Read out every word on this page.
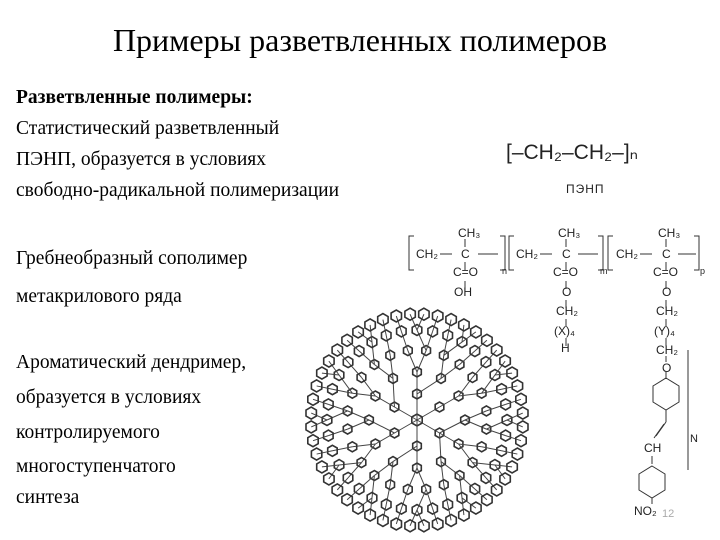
Примеры разветвленных полимеров
Разветвленные полимеры:
Статистический разветвленный
ПЭНП, образуется в условиях
свободно-радикальной полимеризации
Гребнеобразный сополимер
метакрилового ряда
Ароматический дендример,
образуется в условиях
контролируемого
многоступенчатого
синтеза
[–CH₂–CH₂–]ₙ
ПЭНП
CH₂
CH₃
C
C=O
OH
n
CH₂
CH₃
C
C=O
O
CH₂
(X)₄
H
m
CH₂
CH₃
C
C=O
O
CH₂
(Y)₄
CH₂
O
CH
NO₂
N
p
12
